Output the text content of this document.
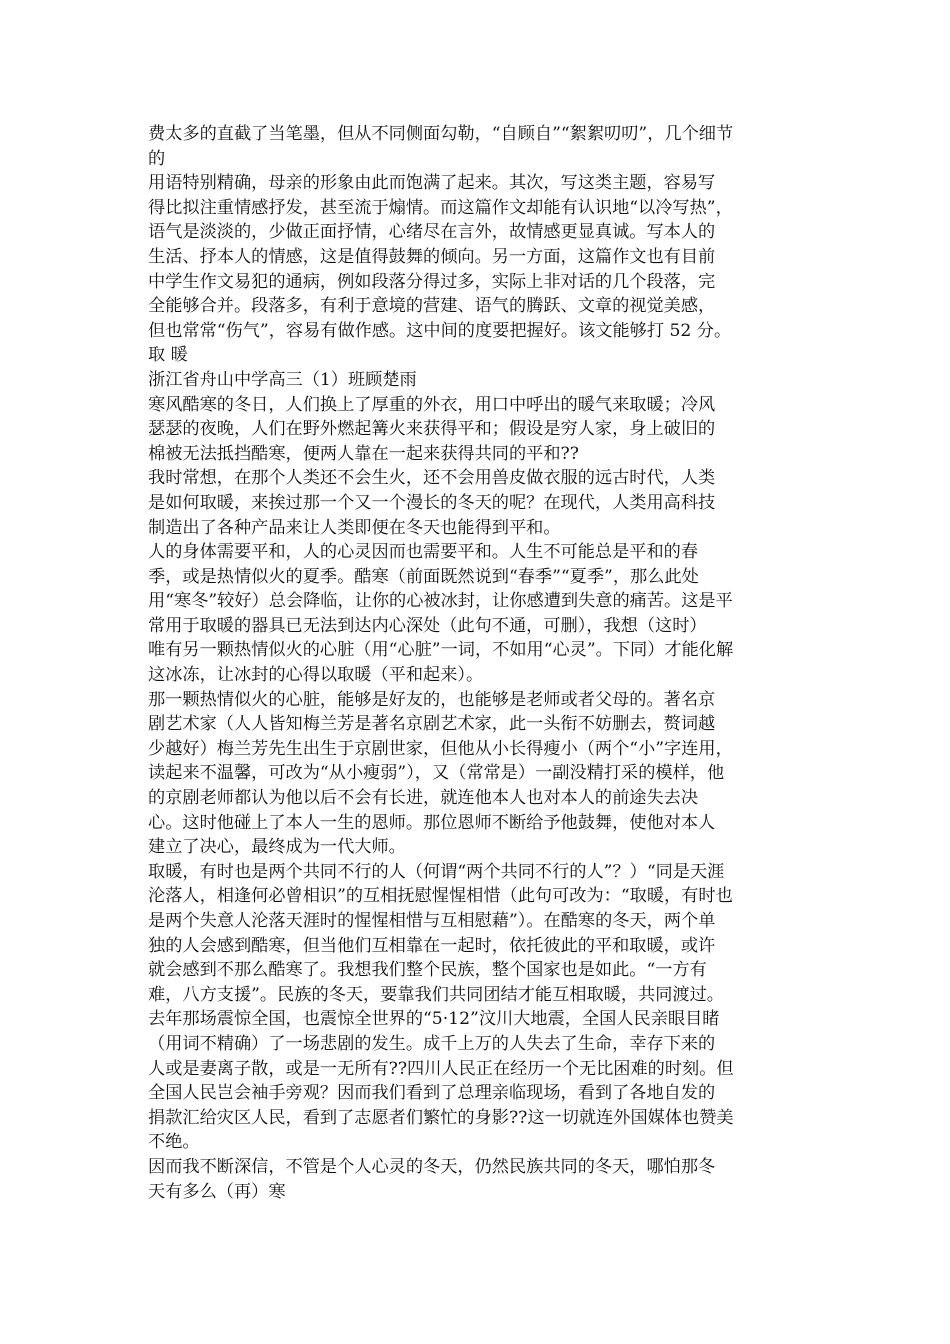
费太多的直截了当笔墨，但从不同侧面勾勒，“自顾自”“絮絮叨叨”，几个细节
的
用语特别精确，母亲的形象由此而饱满了起来。其次，写这类主题，容易写
得比拟注重情感抒发，甚至流于煽情。而这篇作文却能有认识地“以冷写热”，
语气是淡淡的，少做正面抒情，心绪尽在言外，故情感更显真诚。写本人的
生活、抒本人的情感，这是值得鼓舞的倾向。另一方面，这篇作文也有目前
中学生作文易犯的通病，例如段落分得过多，实际上非对话的几个段落，完
全能够合并。段落多，有利于意境的营建、语气的腾跃、文章的视觉美感，
但也常常“伤气”，容易有做作感。这中间的度要把握好。该文能够打 52 分。
取 暖
浙江省舟山中学高三（1）班顾楚雨
寒风酷寒的冬日，人们换上了厚重的外衣，用口中呼出的暖气来取暖；冷风
瑟瑟的夜晚，人们在野外燃起篝火来获得平和；假设是穷人家，身上破旧的
棉被无法抵挡酷寒，便两人靠在一起来获得共同的平和??
我时常想，在那个人类还不会生火，还不会用兽皮做衣服的远古时代，人类
是如何取暖，来挨过那一个又一个漫长的冬天的呢？在现代，人类用高科技
制造出了各种产品来让人类即便在冬天也能得到平和。
人的身体需要平和，人的心灵因而也需要平和。人生不可能总是平和的春
季，或是热情似火的夏季。酷寒（前面既然说到“春季”“夏季”，那么此处
用“寒冬”较好）总会降临，让你的心被冰封，让你感遭到失意的痛苦。这是平
常用于取暖的器具已无法到达内心深处（此句不通，可删），我想（这时）
唯有另一颗热情似火的心脏（用“心脏”一词，不如用“心灵”。下同）才能化解
这冰冻，让冰封的心得以取暖（平和起来）。
那一颗热情似火的心脏，能够是好友的，也能够是老师或者父母的。著名京
剧艺术家（人人皆知梅兰芳是著名京剧艺术家，此一头衔不妨删去，赘词越
少越好）梅兰芳先生出生于京剧世家，但他从小长得瘦小（两个“小”字连用，
读起来不温馨，可改为“从小瘦弱”），又（常常是）一副没精打采的模样，他
的京剧老师都认为他以后不会有长进，就连他本人也对本人的前途失去决
心。这时他碰上了本人一生的恩师。那位恩师不断给予他鼓舞，使他对本人
建立了决心，最终成为一代大师。
取暖，有时也是两个共同不行的人（何谓“两个共同不行的人”？）“同是天涯
沦落人，相逢何必曾相识”的互相抚慰惺惺相惜（此句可改为：“取暖，有时也
是两个失意人沦落天涯时的惺惺相惜与互相慰藉”）。在酷寒的冬天，两个单
独的人会感到酷寒，但当他们互相靠在一起时，依托彼此的平和取暖，或许
就会感到不那么酷寒了。我想我们整个民族，整个国家也是如此。“一方有
难，八方支援”。民族的冬天，要靠我们共同团结才能互相取暖，共同渡过。
去年那场震惊全国，也震惊全世界的“5·12”汶川大地震，全国人民亲眼目睹
（用词不精确）了一场悲剧的发生。成千上万的人失去了生命，幸存下来的
人或是妻离子散，或是一无所有??四川人民正在经历一个无比困难的时刻。但
全国人民岂会袖手旁观？因而我们看到了总理亲临现场，看到了各地自发的
捐款汇给灾区人民，看到了志愿者们繁忙的身影??这一切就连外国媒体也赞美
不绝。
因而我不断深信，不管是个人心灵的冬天，仍然民族共同的冬天，哪怕那冬
天有多么（再）寒
